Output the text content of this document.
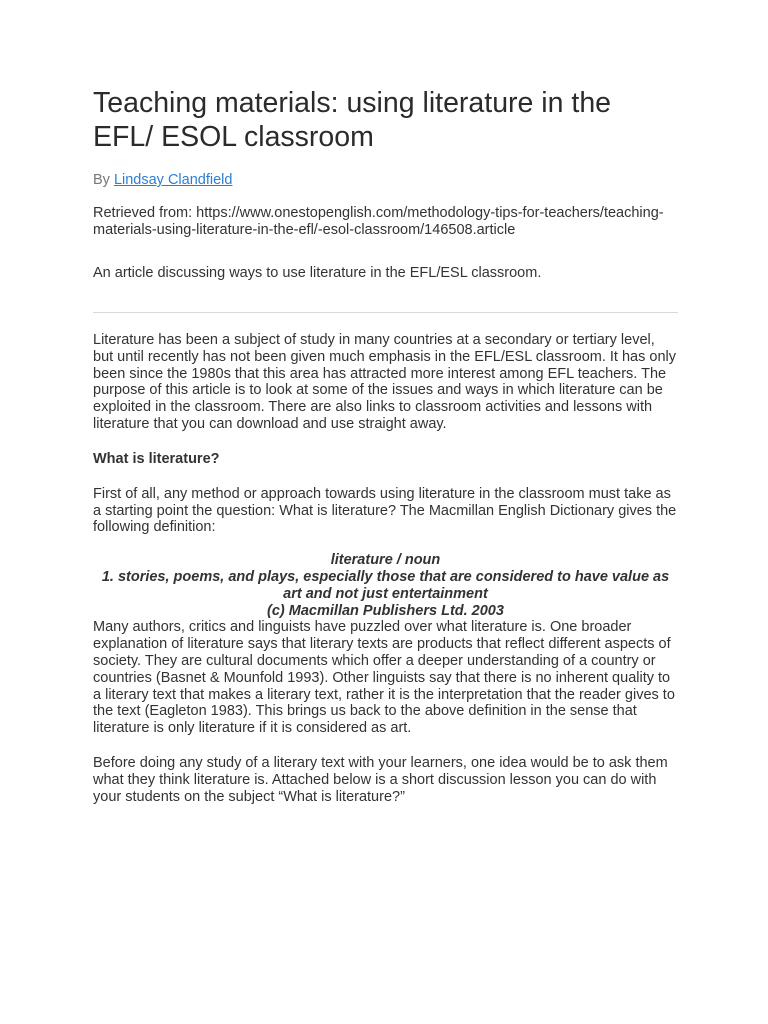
Teaching materials: using literature in the EFL/ ESOL classroom
By Lindsay Clandfield
Retrieved from: https://www.onestopenglish.com/methodology-tips-for-teachers/teaching-materials-using-literature-in-the-efl/-esol-classroom/146508.article
An article discussing ways to use literature in the EFL/ESL classroom.

Literature has been a subject of study in many countries at a secondary or tertiary level, but until recently has not been given much emphasis in the EFL/ESL classroom. It has only been since the 1980s that this area has attracted more interest among EFL teachers. The purpose of this article is to look at some of the issues and ways in which literature can be exploited in the classroom. There are also links to classroom activities and lessons with literature that you can download and use straight away.

What is literature?

First of all, any method or approach towards using literature in the classroom must take as a starting point the question: What is literature? The Macmillan English Dictionary gives the following definition:

literature / noun
1. stories, poems, and plays, especially those that are considered to have value as art and not just entertainment
(c) Macmillan Publishers Ltd. 2003

Many authors, critics and linguists have puzzled over what literature is. One broader explanation of literature says that literary texts are products that reflect different aspects of society. They are cultural documents which offer a deeper understanding of a country or countries (Basnet & Mounfold 1993). Other linguists say that there is no inherent quality to a literary text that makes a literary text, rather it is the interpretation that the reader gives to the text (Eagleton 1983). This brings us back to the above definition in the sense that literature is only literature if it is considered as art.

Before doing any study of a literary text with your learners, one idea would be to ask them what they think literature is. Attached below is a short discussion lesson you can do with your students on the subject “What is literature?”
